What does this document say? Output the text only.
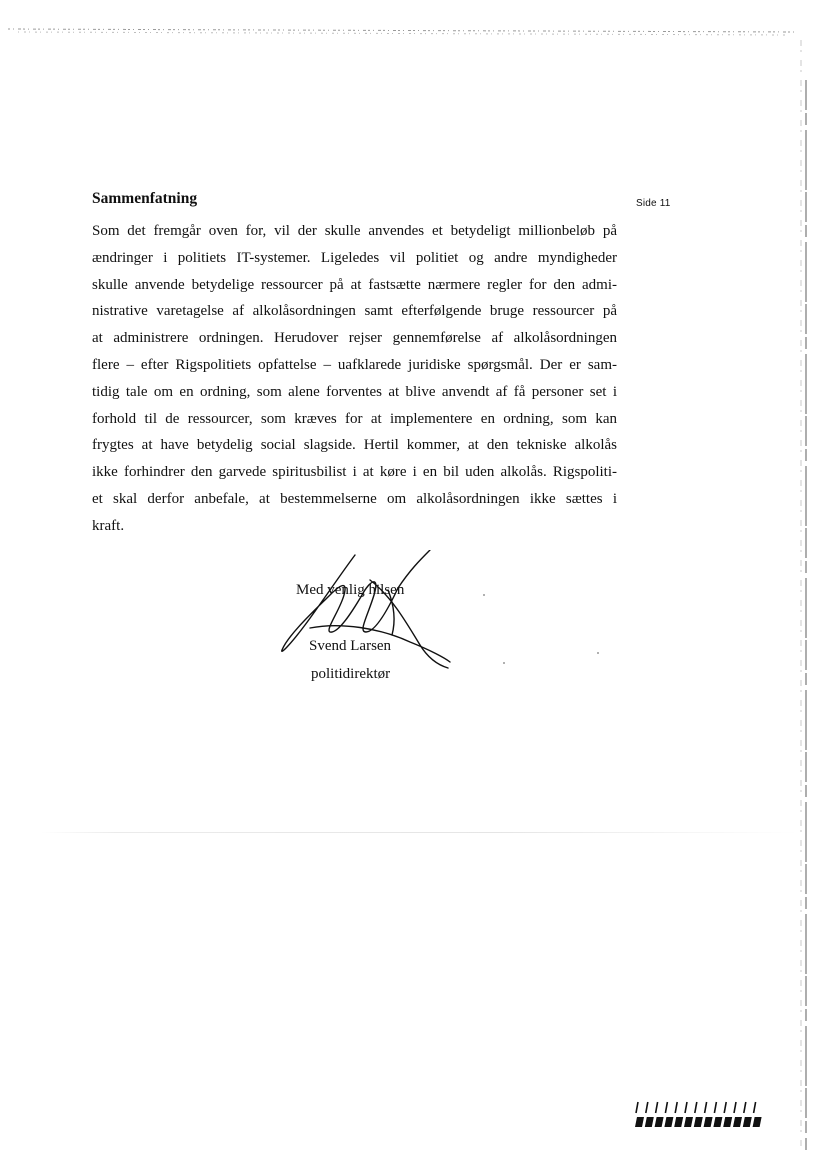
Side 11
Sammenfatning
Som det fremgår oven for, vil der skulle anvendes et betydeligt millionbeløb på
ændringer i politiets IT-systemer. Ligeledes vil politiet og andre myndigheder
skulle anvende betydelige ressourcer på at fastsætte nærmere regler for den admi-
nistrative varetagelse af alkolåsordningen samt efterfølgende bruge ressourcer på
at administrere ordningen. Herudover rejser gennemførelse af alkolåsordningen
flere – efter Rigspolitiets opfattelse – uafklarede juridiske spørgsmål. Der er sam-
tidig tale om en ordning, som alene forventes at blive anvendt af få personer set i
forhold til de ressourcer, som kræves for at implementere en ordning, som kan
frygtes at have betydelig social slagside. Hertil kommer, at den tekniske alkolås
ikke forhindrer den garvede spiritusbilist i at køre i en bil uden alkolås. Rigspoliti-
et skal derfor anbefale, at bestemmelserne om alkolåsordningen ikke sættes i
kraft.
Med venlig hilsen
Svend Larsen
politidirektør
